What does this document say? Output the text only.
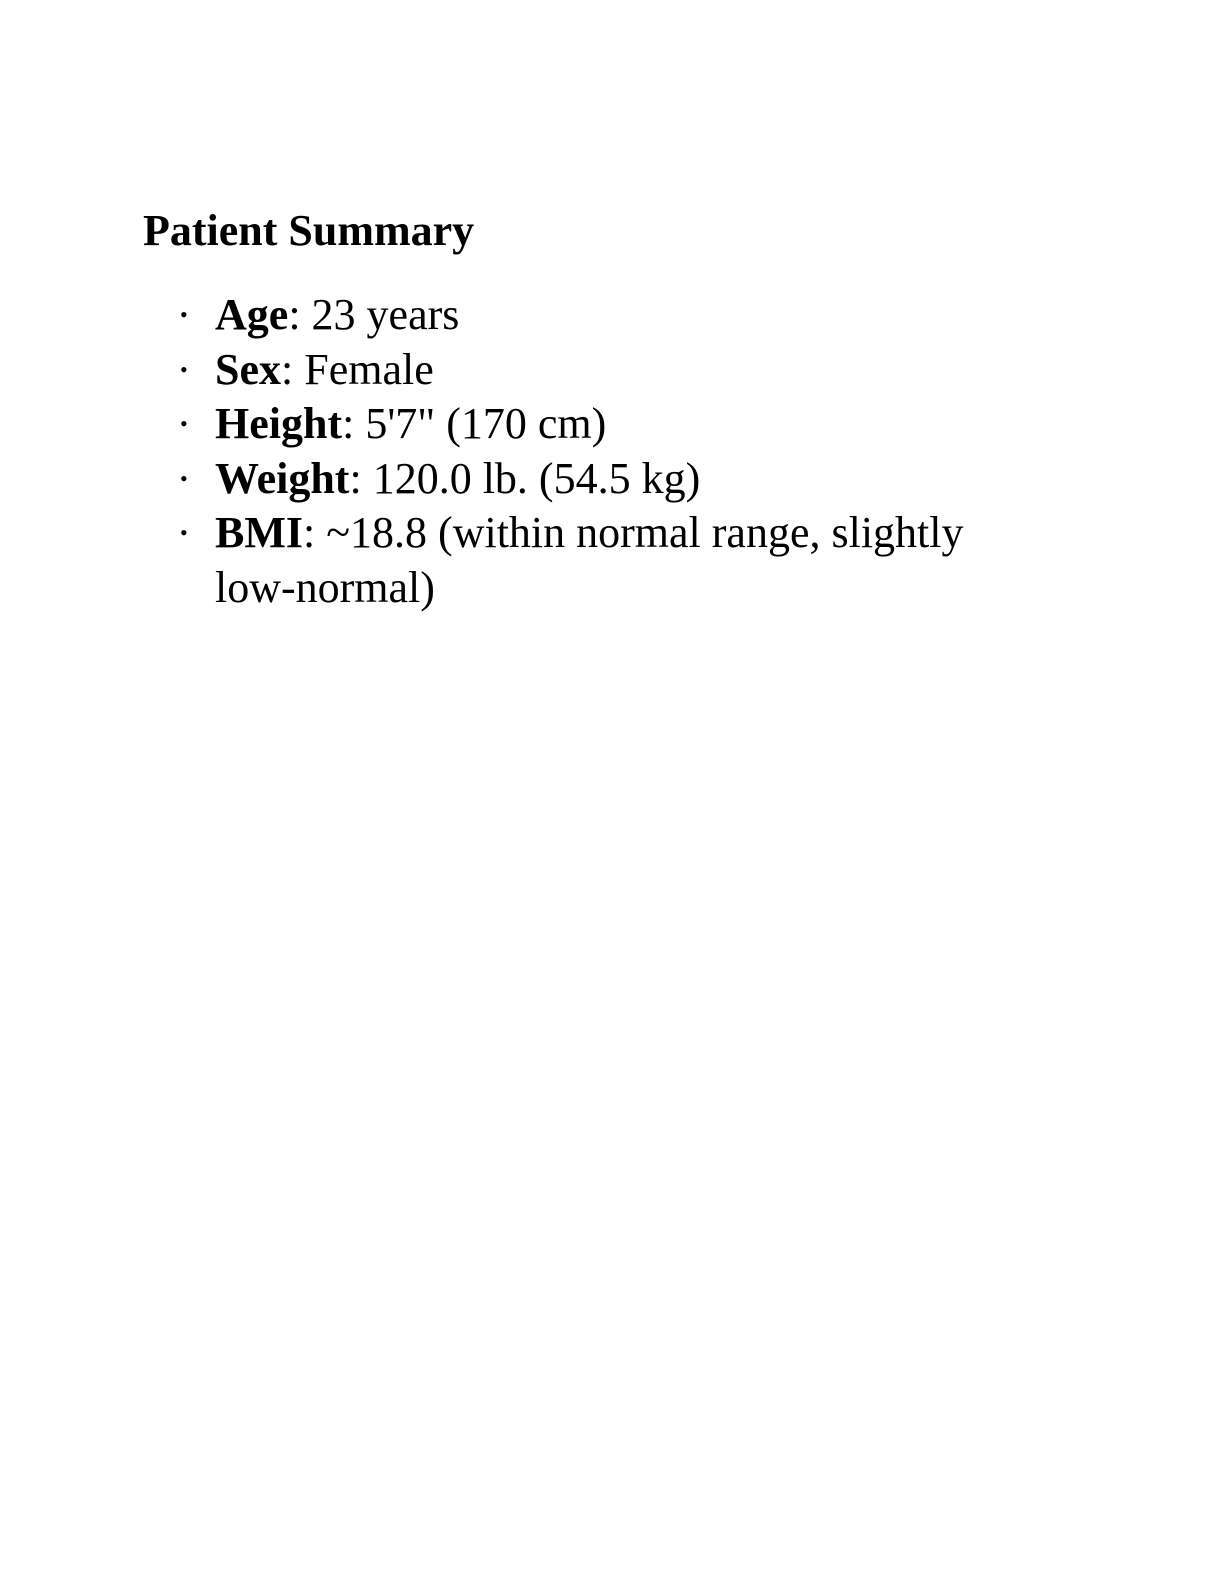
Patient Summary
• Age: 23 years
• Sex: Female
• Height: 5'7" (170 cm)
• Weight: 120.0 lb. (54.5 kg)
• BMI: ~18.8 (within normal range, slightly low-normal)
